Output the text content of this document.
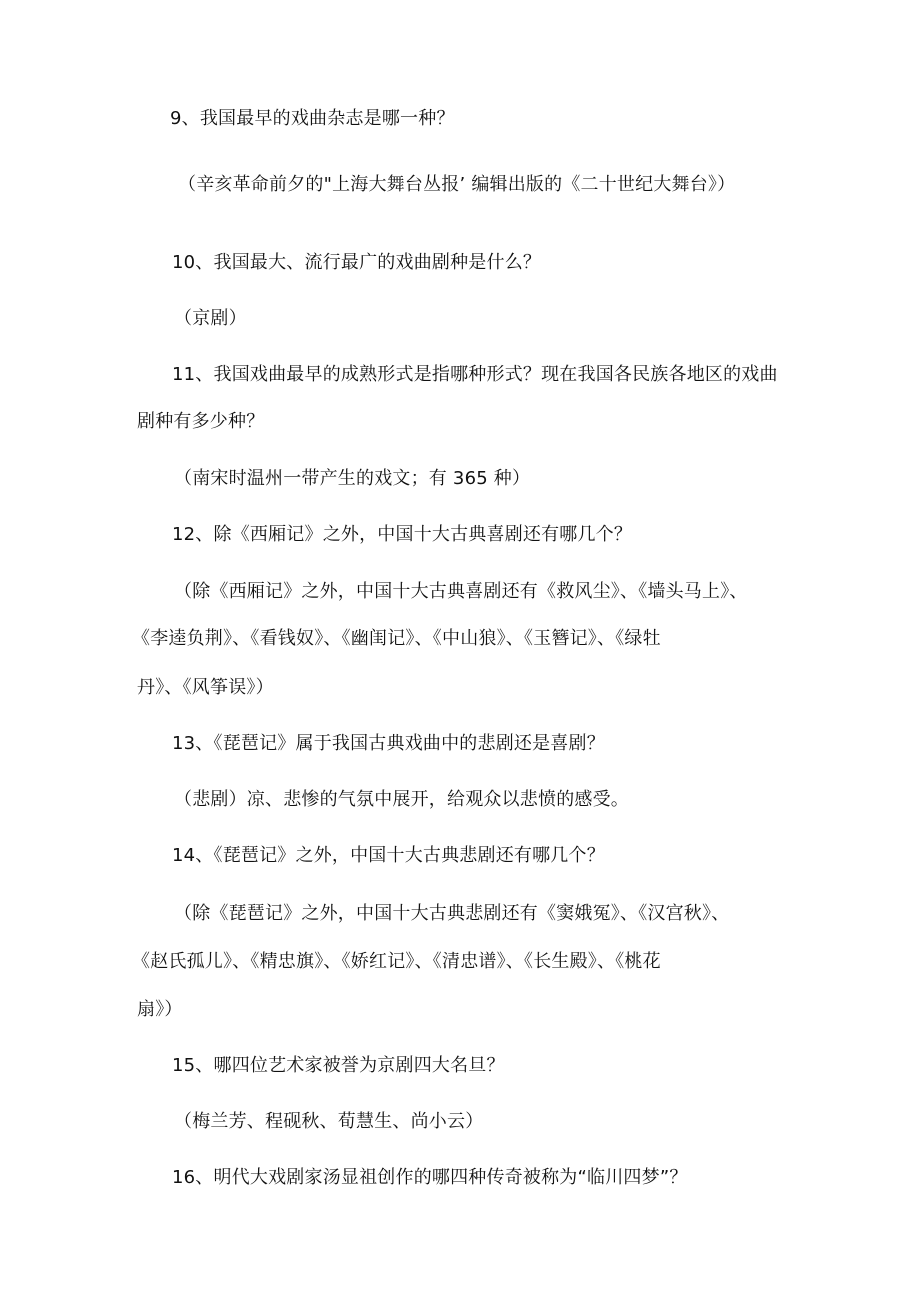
9、我国最早的戏曲杂志是哪一种？
（辛亥革命前夕的"上海大舞台丛报’ 编辑出版的《二十世纪大舞台》）
10、我国最大、流行最广的戏曲剧种是什么？
（京剧）
11、我国戏曲最早的成熟形式是指哪种形式？现在我国各民族各地区的戏曲
剧种有多少种？
（南宋时温州一带产生的戏文；有 365 种）
12、除《西厢记》之外，中国十大古典喜剧还有哪几个？
（除《西厢记》之外，中国十大古典喜剧还有《救风尘》、《墙头马上》、
《李逵负荆》、《看钱奴》、《幽闺记》、《中山狼》、《玉簪记》、《绿牡
丹》、《风筝误》）
13、《琵琶记》属于我国古典戏曲中的悲剧还是喜剧？
（悲剧）凉、悲惨的气氛中展开，给观众以悲愤的感受。
14、《琵琶记》之外，中国十大古典悲剧还有哪几个？
（除《琵琶记》之外，中国十大古典悲剧还有《窦娥冤》、《汉宫秋》、
《赵氏孤儿》、《精忠旗》、《娇红记》、《清忠谱》、《长生殿》、《桃花
扇》）
15、哪四位艺术家被誉为京剧四大名旦？
（梅兰芳、程砚秋、荀慧生、尚小云）
16、明代大戏剧家汤显祖创作的哪四种传奇被称为“临川四梦”？
